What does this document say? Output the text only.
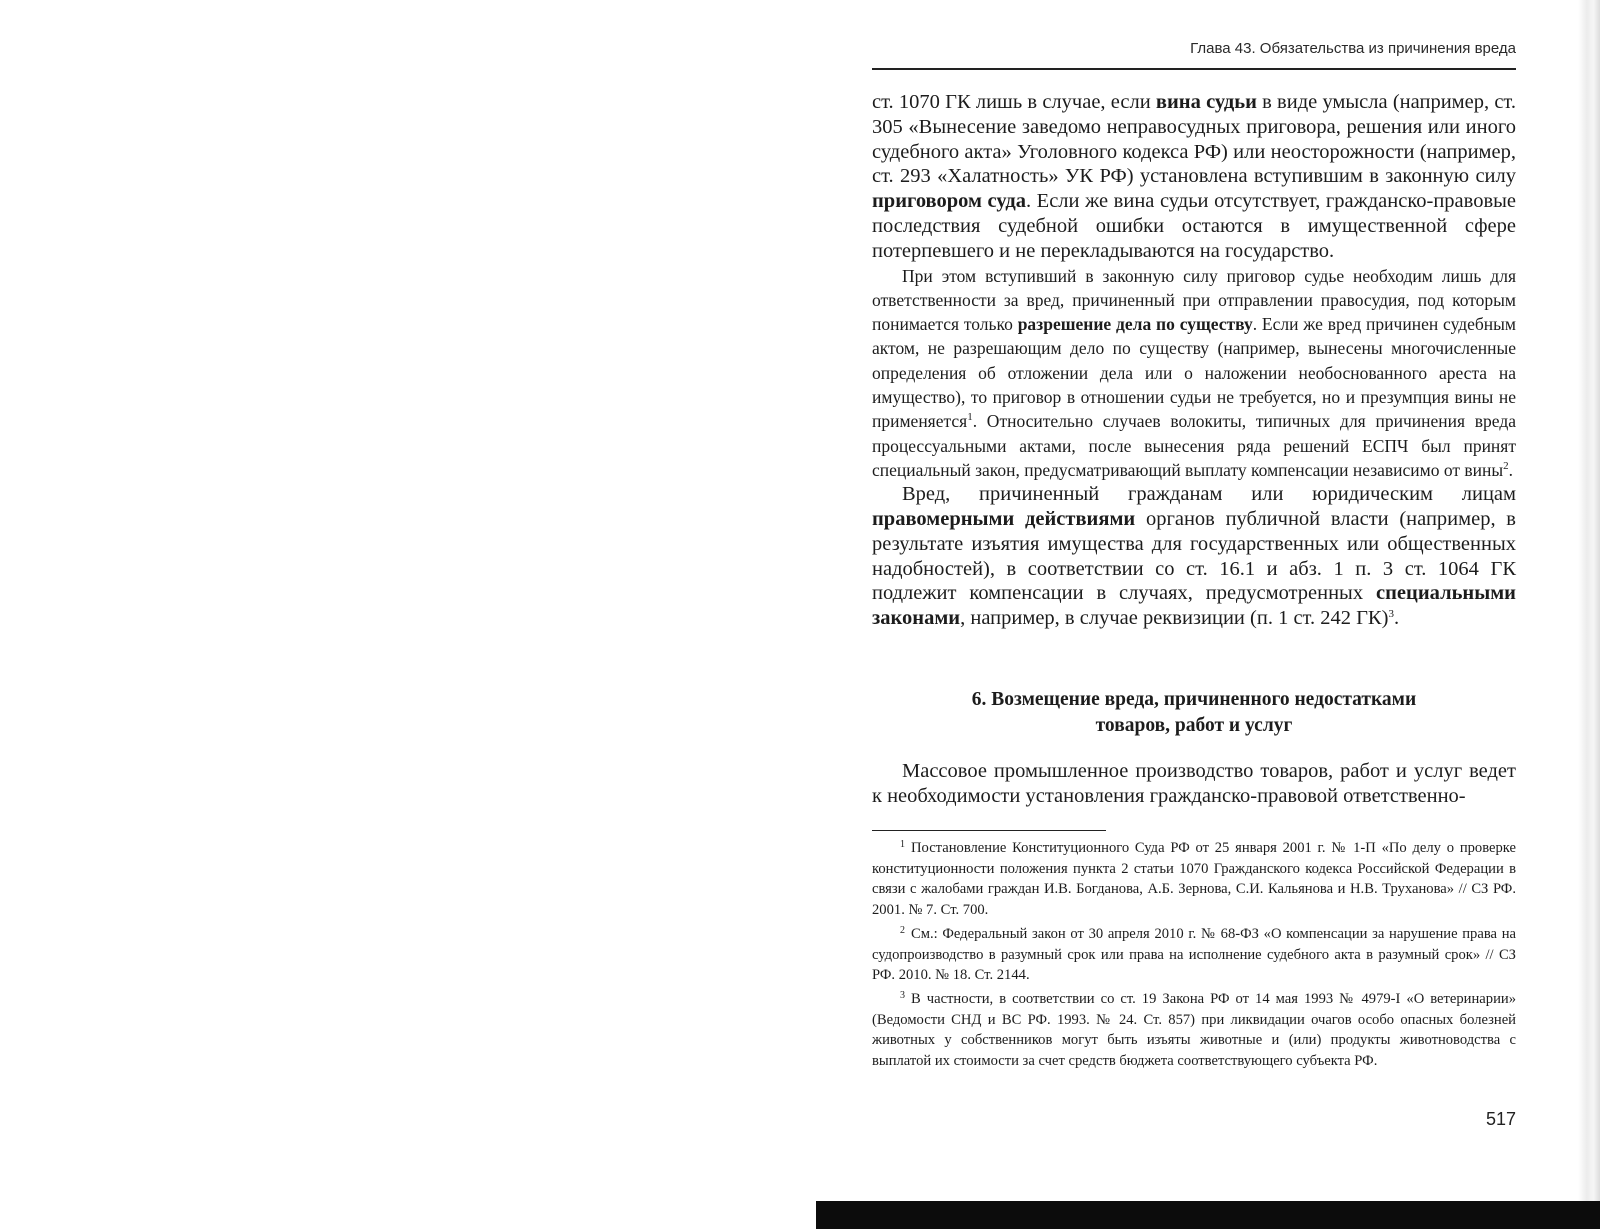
Глава 43. Обязательства из причинения вреда

ст. 1070 ГК лишь в случае, если вина судьи в виде умысла (например, ст. 305 «Вынесение заведомо неправосудных приговора, решения или иного судебного акта» Уголовного кодекса РФ) или неосторожности (например, ст. 293 «Халатность» УК РФ) установлена вступившим в законную силу приговором суда. Если же вина судьи отсутствует, гражданско-правовые последствия судебной ошибки остаются в имущественной сфере потерпевшего и не перекладываются на государство.

При этом вступивший в законную силу приговор судье необходим лишь для ответственности за вред, причиненный при отправлении правосудия, под которым понимается только разрешение дела по существу. Если же вред причинен судебным актом, не разрешающим дело по существу (например, вынесены многочисленные определения об отложении дела или о наложении необоснованного ареста на имущество), то приговор в отношении судьи не требуется, но и презумпция вины не применяется$^1$. Относительно случаев волокиты, типичных для причинения вреда процессуальными актами, после вынесения ряда решений ЕСПЧ был принят специальный закон, предусматривающий выплату компенсации независимо от вины$^2$.

Вред, причиненный гражданам или юридическим лицам правомерными действиями органов публичной власти (например, в результате изъятия имущества для государственных или общественных надобностей), в соответствии со ст. 16.1 и абз. 1 п. 3 ст. 1064 ГК подлежит компенсации в случаях, предусмотренных специальными законами, например, в случае реквизиции (п. 1 ст. 242 ГК)$^3$.

6. Возмещение вреда, причиненного недостатками
товаров, работ и услуг

Массовое промышленное производство товаров, работ и услуг ведет к необходимости установления гражданско-правовой ответственно-

$^1$ Постановление Конституционного Суда РФ от 25 января 2001 г. № 1-П «По делу о проверке конституционности положения пункта 2 статьи 1070 Гражданского кодекса Российской Федерации в связи с жалобами граждан И.В. Богданова, А.Б. Зернова, С.И. Кальянова и Н.В. Труханова» // СЗ РФ. 2001. № 7. Ст. 700.

$^2$ См.: Федеральный закон от 30 апреля 2010 г. № 68-ФЗ «О компенсации за нарушение права на судопроизводство в разумный срок или права на исполнение судебного акта в разумный срок» // СЗ РФ. 2010. № 18. Ст. 2144.

$^3$ В частности, в соответствии со ст. 19 Закона РФ от 14 мая 1993 № 4979-I «О ветеринарии» (Ведомости СНД и ВС РФ. 1993. № 24. Ст. 857) при ликвидации очагов особо опасных болезней животных у собственников могут быть изъяты животные и (или) продукты животноводства с выплатой их стоимости за счет средств бюджета соответствующего субъекта РФ.

517
